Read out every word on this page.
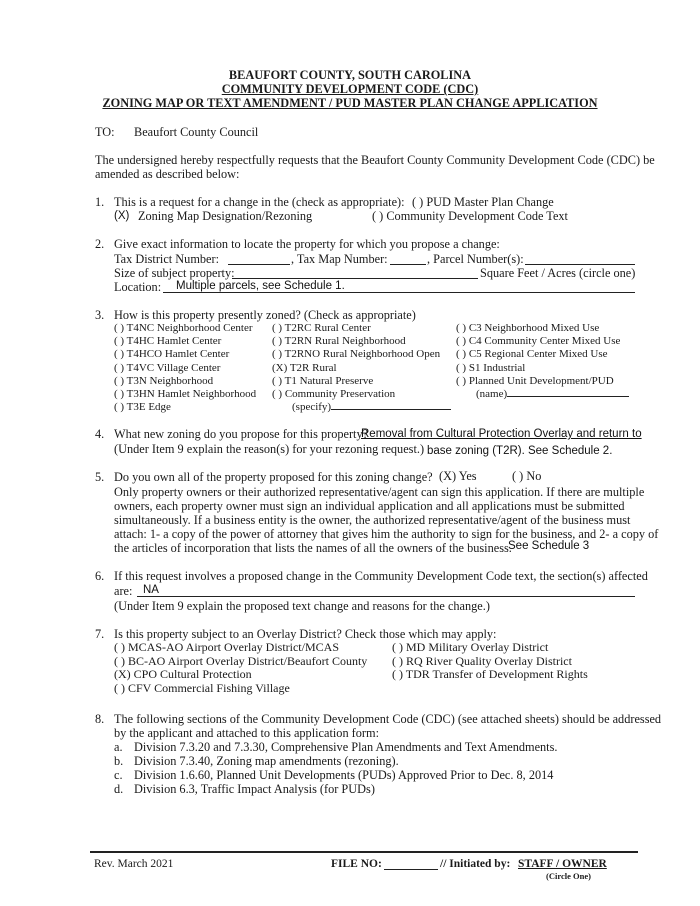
BEAUFORT COUNTY, SOUTH CAROLINA
COMMUNITY DEVELOPMENT CODE (CDC)
ZONING MAP OR TEXT AMENDMENT / PUD MASTER PLAN CHANGE APPLICATION
TO: Beaufort County Council
The undersigned hereby respectfully requests that the Beaufort County Community Development Code (CDC) be
amended as described below:
1. This is a request for a change in the (check as appropriate): ( ) PUD Master Plan Change
(X) Zoning Map Designation/Rezoning	( ) Community Development Code Text
2. Give exact information to locate the property for which you propose a change:
Tax District Number:	, Tax Map Number:	, Parcel Number(s):
Size of subject property:	Square Feet / Acres (circle one)
Location: Multiple parcels, see Schedule 1.
3. How is this property presently zoned? (Check as appropriate)
( ) T4NC Neighborhood Center
( ) T4HC Hamlet Center
( ) T4HCO Hamlet Center
( ) T4VC Village Center
( ) T3N Neighborhood
( ) T3HN Hamlet Neighborhood
( ) T3E Edge
( ) T2RC Rural Center
( ) T2RN Rural Neighborhood
( ) T2RNO Rural Neighborhood Open
(X) T2R Rural
( ) T1 Natural Preserve
( ) Community Preservation
(specify)
( ) C3 Neighborhood Mixed Use
( ) C4 Community Center Mixed Use
( ) C5 Regional Center Mixed Use
( ) S1 Industrial
( ) Planned Unit Development/PUD
(name)
4. What new zoning do you propose for this property?
Removal from Cultural Protection Overlay and return to
(Under Item 9 explain the reason(s) for your rezoning request.) base zoning (T2R). See Schedule 2.
5. Do you own all of the property proposed for this zoning change? (X) Yes	( ) No
Only property owners or their authorized representative/agent can sign this application. If there are multiple
owners, each property owner must sign an individual application and all applications must be submitted
simultaneously. If a business entity is the owner, the authorized representative/agent of the business must
attach: 1- a copy of the power of attorney that gives him the authority to sign for the business, and 2- a copy of
the articles of incorporation that lists the names of all the owners of the business.
See Schedule 3
6. If this request involves a proposed change in the Community Development Code text, the section(s) affected
are: NA
(Under Item 9 explain the proposed text change and reasons for the change.)
7. Is this property subject to an Overlay District? Check those which may apply:
( ) MCAS-AO Airport Overlay District/MCAS
( ) BC-AO Airport Overlay District/Beaufort County
(X) CPO Cultural Protection
( ) CFV Commercial Fishing Village
( ) MD Military Overlay District
( ) RQ River Quality Overlay District
( ) TDR Transfer of Development Rights
8. The following sections of the Community Development Code (CDC) (see attached sheets) should be addressed
by the applicant and attached to this application form:
a. Division 7.3.20 and 7.3.30, Comprehensive Plan Amendments and Text Amendments.
b. Division 7.3.40, Zoning map amendments (rezoning).
c. Division 1.6.60, Planned Unit Developments (PUDs) Approved Prior to Dec. 8, 2014
d. Division 6.3, Traffic Impact Analysis (for PUDs)
Rev. March 2021	FILE NO:	// Initiated by: STAFF / OWNER
(Circle One)
